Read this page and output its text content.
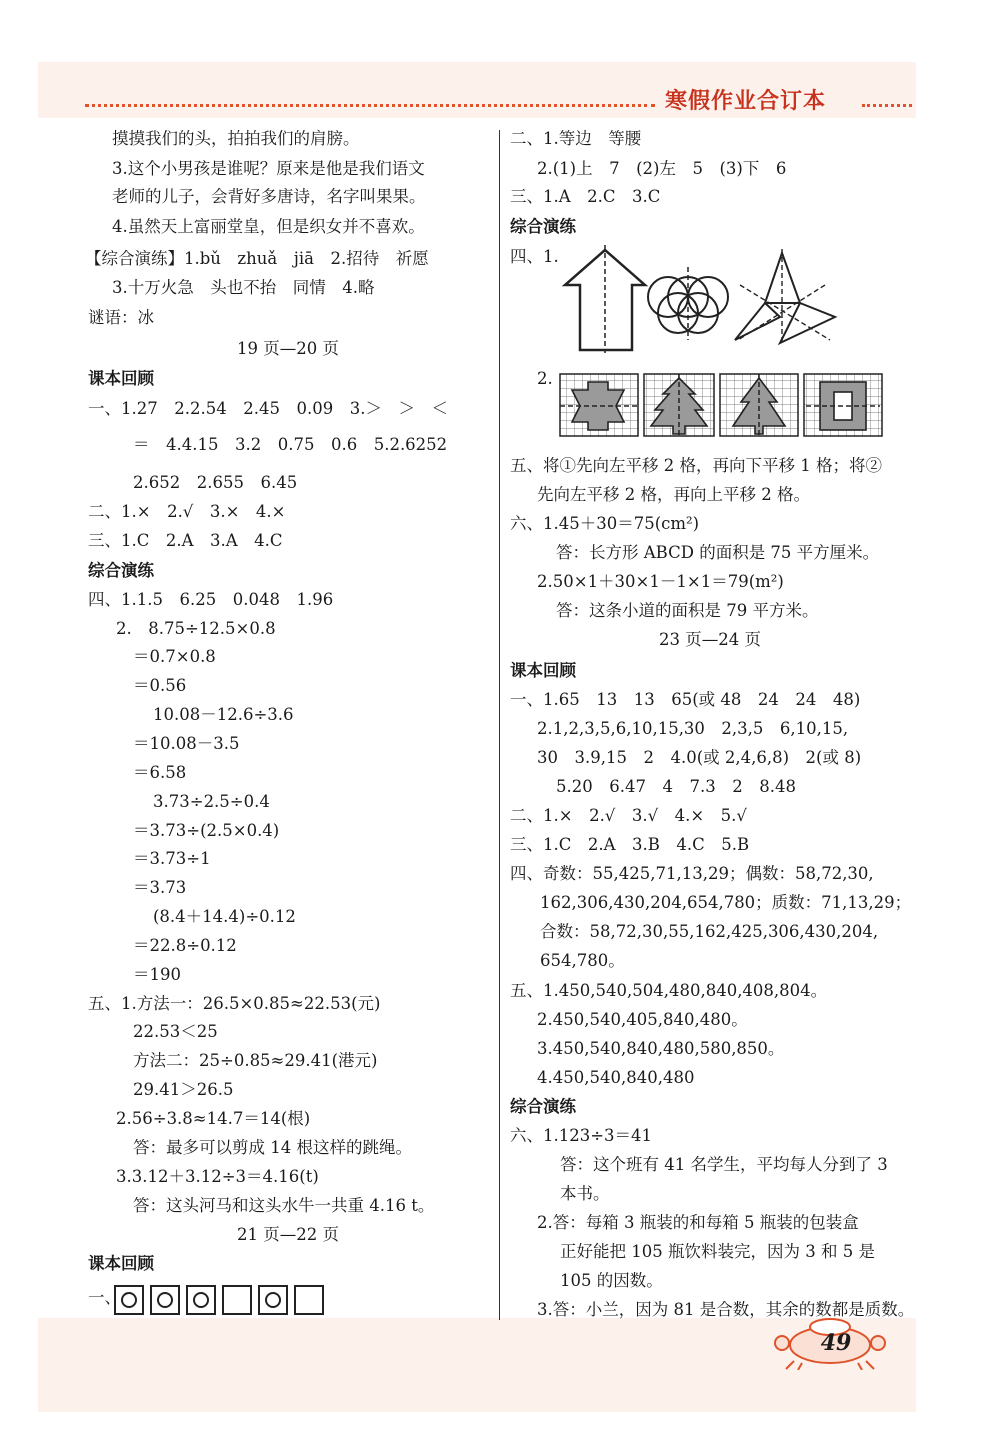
寒假作业合订本
摸摸我们的头，拍拍我们的肩膀。
3.这个小男孩是谁呢？原来是他是我们语文
老师的儿子，会背好多唐诗，名字叫果果。
4.虽然天上富丽堂皇，但是织女并不喜欢。
【综合演练】1.bǔ　zhuǎ　jiā　2.招待　祈愿
3.十万火急　头也不抬　同情　4.略
谜语：冰
19 页—20 页
课本回顾
一、1.27　2.2.54　2.45　0.09　3.＞　＞　＜
＝　4.4.15　3.2　0.75　0.6　5.2.6252
2.652　2.655　6.45
二、1.×　2.√　3.×　4.×
三、1.C　2.A　3.A　4.C
综合演练
四、1.1.5　6.25　0.048　1.96
2.　8.75÷12.5×0.8
＝0.7×0.8
＝0.56
10.08－12.6÷3.6
＝10.08－3.5
＝6.58
3.73÷2.5÷0.4
＝3.73÷(2.5×0.4)
＝3.73÷1
＝3.73
(8.4＋14.4)÷0.12
＝22.8÷0.12
＝190
五、1.方法一：26.5×0.85≈22.53(元)
22.53＜25
方法二：25÷0.85≈29.41(港元)
29.41＞26.5
2.56÷3.8≈14.7＝14(根)
答：最多可以剪成 14 根这样的跳绳。
3.3.12＋3.12÷3＝4.16(t)
答：这头河马和这头水牛一共重 4.16 t。
21 页—22 页
课本回顾
一、
二、1.等边　等腰
2.(1)上　7　(2)左　5　(3)下　6
三、1.A　2.C　3.C
综合演练
四、1.
2.
五、将①先向左平移 2 格，再向下平移 1 格；将②
先向左平移 2 格，再向上平移 2 格。
六、1.45＋30＝75(cm²)
答：长方形 ABCD 的面积是 75 平方厘米。
2.50×1＋30×1－1×1＝79(m²)
答：这条小道的面积是 79 平方米。
23 页—24 页
课本回顾
一、1.65　13　13　65(或 48　24　24　48)
2.1,2,3,5,6,10,15,30　2,3,5　6,10,15,
30　3.9,15　2　4.0(或 2,4,6,8)　2(或 8)
5.20　6.47　4　7.3　2　8.48
二、1.×　2.√　3.√　4.×　5.√
三、1.C　2.A　3.B　4.C　5.B
四、奇数：55,425,71,13,29；偶数：58,72,30,
162,306,430,204,654,780；质数：71,13,29；
合数：58,72,30,55,162,425,306,430,204,
654,780。
五、1.450,540,504,480,840,408,804。
2.450,540,405,840,480。
3.450,540,840,480,580,850。
4.450,540,840,480
综合演练
六、1.123÷3＝41
答：这个班有 41 名学生，平均每人分到了 3
本书。
2.答：每箱 3 瓶装的和每箱 5 瓶装的包装盒
正好能把 105 瓶饮料装完，因为 3 和 5 是
105 的因数。
3.答：小兰，因为 81 是合数，其余的数都是质数。
49
